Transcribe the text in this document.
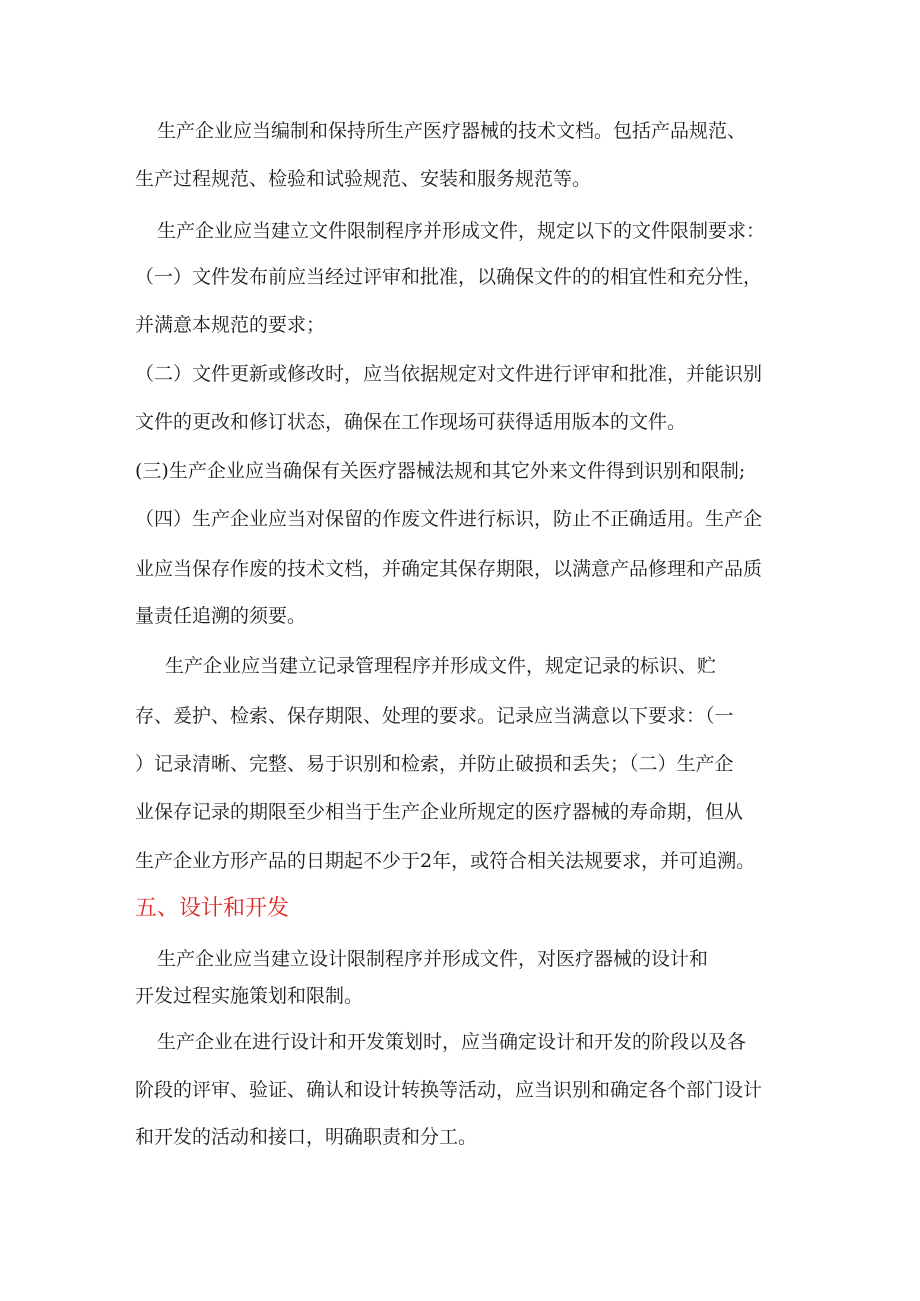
生产企业应当编制和保持所生产医疗器械的技术文档。包括产品规范、
生产过程规范、检验和试验规范、安装和服务规范等。
生产企业应当建立文件限制程序并形成文件，规定以下的文件限制要求：
（一）文件发布前应当经过评审和批准，以确保文件的的相宜性和充分性，
并满意本规范的要求；
（二）文件更新或修改时，应当依据规定对文件进行评审和批准，并能识别
文件的更改和修订状态，确保在工作现场可获得适用版本的文件。
(三)生产企业应当确保有关医疗器械法规和其它外来文件得到识别和限制;
（四）生产企业应当对保留的作废文件进行标识，防止不正确适用。生产企
业应当保存作废的技术文档，并确定其保存期限，以满意产品修理和产品质
量责任追溯的须要。
生产企业应当建立记录管理程序并形成文件，规定记录的标识、贮
存、爰护、检索、保存期限、处理的要求。记录应当满意以下要求：（一
）记录清晰、完整、易于识别和检索，并防止破损和丢失；（二）生产企
业保存记录的期限至少相当于生产企业所规定的医疗器械的寿命期，但从
生产企业方形产品的日期起不少于2年，或符合相关法规要求，并可追溯。
五、设计和开发
生产企业应当建立设计限制程序并形成文件，对医疗器械的设计和
开发过程实施策划和限制。
生产企业在进行设计和开发策划时，应当确定设计和开发的阶段以及各
阶段的评审、验证、确认和设计转换等活动，应当识别和确定各个部门设计
和开发的活动和接口，明确职责和分工。
